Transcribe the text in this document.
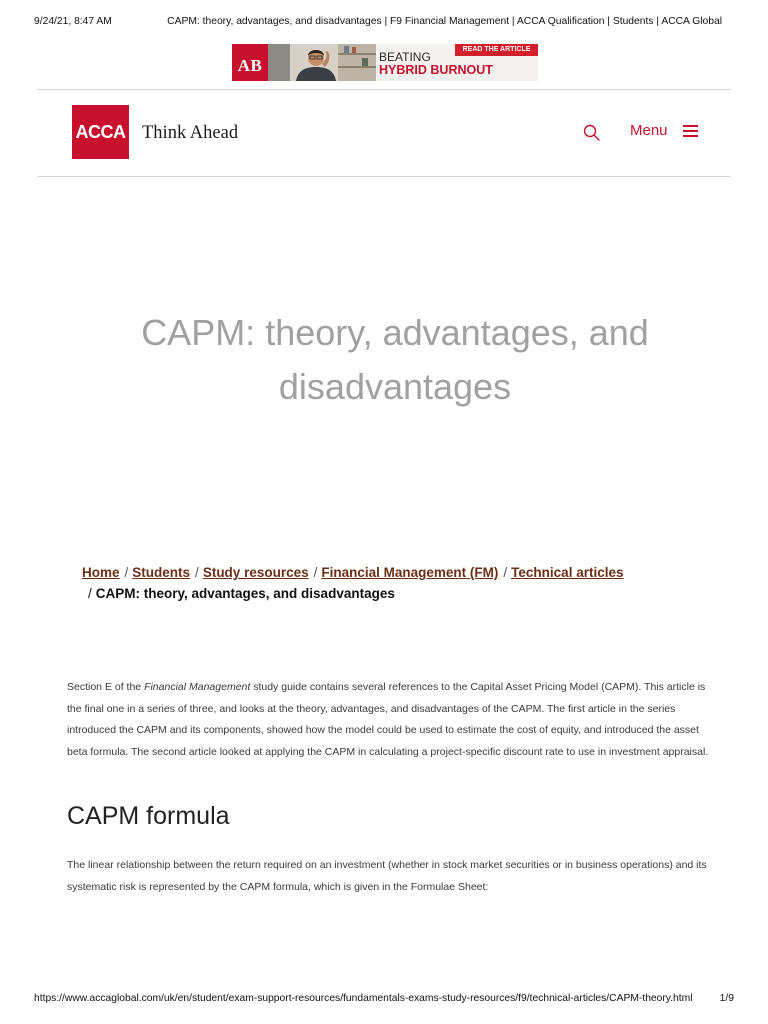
9/24/21, 8:47 AM	CAPM: theory, advantages, and disadvantages | F9 Financial Management | ACCA Qualification | Students | ACCA Global
AB	BEATING
HYBRID BURNOUT
READ THE ARTICLE
ACCA Think Ahead	Menu
CAPM: theory, advantages, and disadvantages
Home / Students / Study resources / Financial Management (FM) / Technical articles
/ CAPM: theory, advantages, and disadvantages

Section E of the Financial Management study guide contains several references to the Capital Asset Pricing Model (CAPM). This article is the final one in a series of three, and looks at the theory, advantages, and disadvantages of the CAPM. The first article in the series introduced the CAPM and its components, showed how the model could be used to estimate the cost of equity, and introduced the asset beta formula. The second article looked at applying the CAPM in calculating a project-specific discount rate to use in investment appraisal.

CAPM formula

The linear relationship between the return required on an investment (whether in stock market securities or in business operations) and its systematic risk is represented by the CAPM formula, which is given in the Formulae Sheet:

https://www.accaglobal.com/uk/en/student/exam-support-resources/fundamentals-exams-study-resources/f9/technical-articles/CAPM-theory.html	1/9
